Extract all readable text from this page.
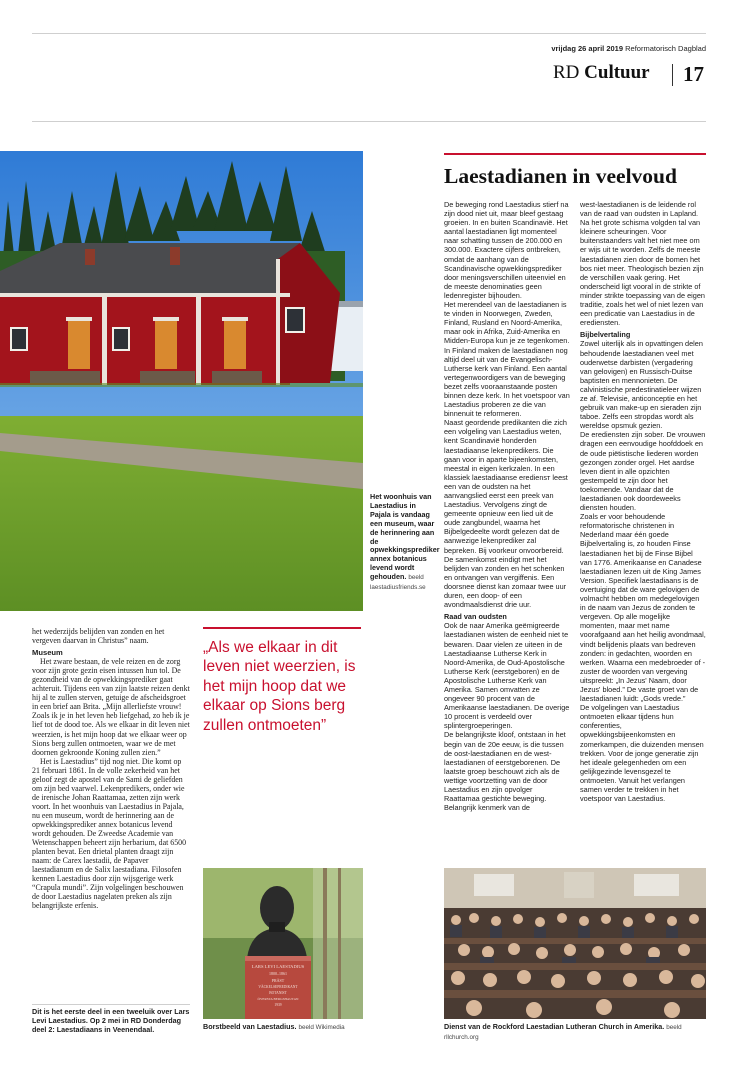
vrijdag 26 april 2019 Reformatorisch Dagblad
RD Cultuur 17
Het woonhuis van Laestadius in Pajala is vandaag een museum, waar de herinnering aan de opwekkingsprediker annex botanicus levend wordt gehouden. beeld laestadiusfriends.se
Laestadianen in veelvoud

De beweging rond Laestadius stierf na zijn dood niet uit, maar bleef gestaag groeien. In en buiten Scandinavië. Het aantal laestadianen ligt momenteel naar schatting tussen de 200.000 en 300.000. Exactere cijfers ontbreken, omdat de aanhang van de Scandinavische opwekkingsprediker door meningsverschillen uiteenviel en de meeste denominaties geen ledenregister bijhouden.
Het merendeel van de laestadianen is te vinden in Noorwegen, Zweden, Finland, Rusland en Noord-Amerika, maar ook in Afrika, Zuid-Amerika en Midden-Europa kun je ze tegenkomen. In Finland maken de laestadianen nog altijd deel uit van de Evangelisch-Lutherse kerk van Finland. Een aantal vertegenwoordigers van de beweging bezet zelfs vooraanstaande posten binnen deze kerk. In het voetspoor van Laestadius proberen ze die van binnenuit te reformeren.
Naast geordende predikanten die zich een volgeling van Laestadius weten, kent Scandinavië honderden laestadiaanse lekenpredikers. Die gaan voor in aparte bijeenkomsten, meestal in eigen kerkzalen. In een klassiek laestadiaanse erediensт leest een van de oudsten na het aanvangslied eerst een preek van Laestadius. Vervolgens zingt de gemeente opnieuw een lied uit de oude zangbundel, waarna het Bijbelgedeelte wordt gelezen dat de aanwezige lekenprediker zal bepreken. Bij voorkeur onvoorbereid. De samenkomst eindigt met het belijden van zonden en het schenken en ontvangen van vergiffenis. Een doorsnee dienst kan zomaar twee uur duren, een doop- of een avondmaalsdienst drie uur.

Raad van oudsten

Ook de naar Amerika geëmigreerde laestadianen wisten de eenheid niet te bewaren. Daar vielen ze uiteen in de Laestadiaanse Lutherse Kerk in Noord-Amerika, de Oud-Apostolische Lutherse Kerk (eerstgeboren) en de Apostolische Lutherse Kerk van Amerika. Samen omvatten ze ongeveer 90 procent van de Amerikaanse laestadianen. De overige 10 procent is verdeeld over splintergroeperingen.
De belangrijkste kloof, ontstaan in het begin van de 20e eeuw, is die tussen de oost-laestadianen en de west-laestadianen of eerstgeborenen. De laatste groep beschouwt zich als de wettige voortzetting van de door Laestadius en zijn opvolger Raattamaa gestichte beweging. Belangrijk kenmerk van de

west-laestadianen is de leidende rol van de raad van oudsten in Lapland.
Na het grote schisma volgden tal van kleinere scheuringen. Voor buitenstaanders valt het niet mee om er wijs uit te worden. Zelfs de meeste laestadianen zien door de bomen het bos niet meer. Theologisch bezien zijn de verschillen vaak gering. Het onderscheid ligt vooral in de strikte of minder strikte toepassing van de eigen traditie, zoals het wel of niet lezen van een predicatie van Laestadius in de erediensten.

Bijbelvertaling

Zowel uiterlijk als in opvattingen delen behoudende laestadianen veel met ouderwetse darbisten (vergadering van gelovigen) en Russisch-Duitse baptisten en mennonieten. De calvinistische predestinatieleer wijzen ze af. Televisie, anticonceptie en het gebruik van make-up en sieraden zijn taboe. Zelfs een stropdas wordt als wereldse opsmuk gezien.
De erediensten zijn sober. De vrouwen dragen een eenvoudige hoofddoek en de oude piëtistische liederen worden gezongen zonder orgel. Het aardse leven dient in alle opzichten gestempeld te zijn door het toekomende. Vandaar dat de laestadianen ook doordeweeks diensten houden.
Zoals er voor behoudende reformatorische christenen in Nederland maar één goede Bijbelvertaling is, zo houden Finse laestadianen het bij de Finse Bijbel van 1776. Amerikaanse en Canadese laestadianen lezen uit de King James Version. Specifiek laestadiaans is de overtuiging dat de ware gelovigen de volmacht hebben om medegelovigen in de naam van Jezus de zonden te vergeven. Op alle mogelijke momenten, maar met name voorafgaand aan het heilig avondmaal, vindt belijdenis plaats van bedreven zonden: in gedachten, woorden en werken. Waarna een medebroeder of -zuster de woorden van vergeving uitspreekt: „In Jezus' Naam, door Jezus' bloed.” De vaste groet van de laestadianen luidt: „Gods vrede.”
De volgelingen van Laestadius ontmoeten elkaar tijdens hun conferenties, opwekkingsbijeenkomsten en zomerkampen, die duizenden mensen trekken. Voor de jonge generatie zijn het ideale gelegenheden om een gelijkgezinde levensgezel te ontmoeten. Vanuit het verlangen samen verder te trekken in het voetspoor van Laestadius.

het wederzijds belijden van zonden en het vergeven daarvan in Christus” naam.

Museum

Het zware bestaan, de vele reizen en de zorg voor zijn grote gezin eisen intussen hun tol. De gezondheid van de opwekkingsprediker gaat achteruit. Tijdens een van zijn laatste reizen denkt hij al te zullen sterven, getuige de afscheidsgroet in een brief aan Brita. „Mijn allerliefste vrouw! Zoals ik je in het leven heb liefgehad, zo heb ik je lief tot de dood toe. Als we elkaar in dit leven niet weerzien, is het mijn hoop dat we elkaar weer op Sions berg zullen ontmoeten, waar we de met doornen gekroonde Koning zullen zien.”

Het is Laestadius” tijd nog niet. Die komt op 21 februari 1861. In de volle zekerheid van het geloof zegt de apostel van de Sami de geliefden om zijn bed vaarwel. Lekenpredikers, onder wie de irenische Johan Raattamaa, zetten zijn werk voort. In het woonhuis van Laestadius in Pajala, nu een museum, wordt de herinnering aan de opwekkingsprediker annex botanicus levend wordt gehouden. De Zweedse Academie van Wetenschappen beheert zijn herbarium, dat 6500 planten bevat. Een drietal planten draagt zijn naam: de Carex laestadii, de Papaver laestadianum en de Salix laestadiana. Filosofen kennen Laestadius door zijn wijsgerige werk “Crapula mundi”. Zijn volgelingen beschouwen de door Laestadius nagelaten preken als zijn belangrijkste erfenis.

Dit is het eerste deel in een tweeluik over Lars Levi Laestadius. Op 2 mei in RD Donderdag deel 2: Laestadiaans in Veenendaal.
„Als we elkaar in dit leven niet weerzien, is het mijn hoop dat we elkaar op Sions berg zullen ontmoeten”
LARS LEVI LAESTADIUS
1800–1861
PRÄST
VÄCKELSEPREDIKANT
BOTANIST
ÖVERSTA BERGSHAUTAN
1939
Borstbeeld van Laestadius. beeld Wikimedia	Dienst van de Rockford Laestadian Lutheran Church in Amerika. beeld rllchurch.org
